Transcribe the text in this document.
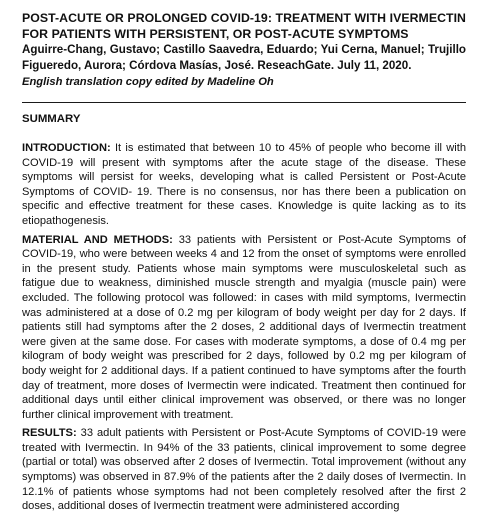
POST-ACUTE OR PROLONGED COVID-19: TREATMENT WITH IVERMECTIN FOR PATIENTS WITH PERSISTENT, OR POST-ACUTE SYMPTOMS

Aguirre-Chang, Gustavo; Castillo Saavedra, Eduardo; Yui Cerna, Manuel; Trujillo Figueredo, Aurora; Córdova Masías, José. ReseachGate. July 11, 2020.

English translation copy edited by Madeline Oh

SUMMARY

INTRODUCTION: It is estimated that between 10 to 45% of people who become ill with COVID-19 will present with symptoms after the acute stage of the disease. These symptoms will persist for weeks, developing what is called Persistent or Post-Acute Symptoms of COVID- 19. There is no consensus, nor has there been a publication on specific and effective treatment for these cases. Knowledge is quite lacking as to its etiopathogenesis.

MATERIAL AND METHODS: 33 patients with Persistent or Post-Acute Symptoms of COVID-19, who were between weeks 4 and 12 from the onset of symptoms were enrolled in the present study. Patients whose main symptoms were musculoskeletal such as fatigue due to weakness, diminished muscle strength and myalgia (muscle pain) were excluded. The following protocol was followed: in cases with mild symptoms, Ivermectin was administered at a dose of 0.2 mg per kilogram of body weight per day for 2 days. If patients still had symptoms after the 2 doses, 2 additional days of Ivermectin treatment were given at the same dose. For cases with moderate symptoms, a dose of 0.4 mg per kilogram of body weight was prescribed for 2 days, followed by 0.2 mg per kilogram of body weight for 2 additional days. If a patient continued to have symptoms after the fourth day of treatment, more doses of Ivermectin were indicated. Treatment then continued for additional days until either clinical improvement was observed, or there was no longer further clinical improvement with treatment.

RESULTS: 33 adult patients with Persistent or Post-Acute Symptoms of COVID-19 were treated with Ivermectin. In 94% of the 33 patients, clinical improvement to some degree (partial or total) was observed after 2 doses of Ivermectin. Total improvement (without any symptoms) was observed in 87.9% of the patients after the 2 daily doses of Ivermectin. In 12.1% of patients whose symptoms had not been completely resolved after the first 2 doses, additional doses of Ivermectin treatment were administered according
